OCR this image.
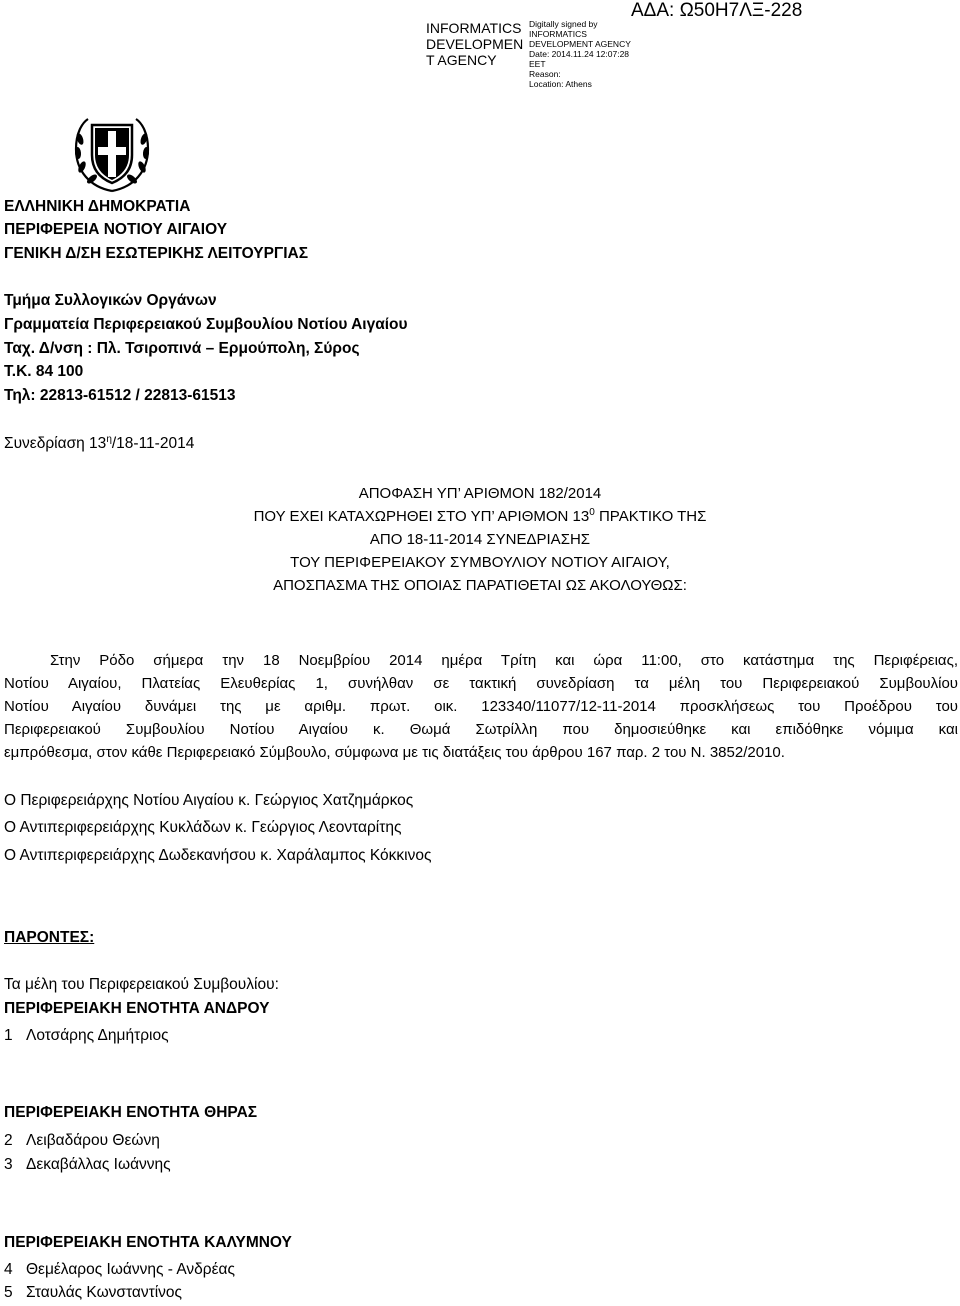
INFORMATICS
DEVELOPMEN
T AGENCY
Digitally signed by
INFORMATICS
DEVELOPMENT AGENCY
Date: 2014.11.24 12:07:28
EET
Reason:
Location: Athens
ΑΔΑ: Ω50Η7ΛΞ-228
ΕΛΛΗΝΙΚΗ ΔΗΜΟΚΡΑΤΙΑ
ΠΕΡΙΦΕΡΕΙΑ ΝΟΤΙΟΥ ΑΙΓΑΙΟΥ
ΓΕΝΙΚΗ Δ/ΣΗ ΕΣΩΤΕΡΙΚΗΣ ΛΕΙΤΟΥΡΓΙΑΣ
Τμήμα Συλλογικών Οργάνων
Γραμματεία Περιφερειακού Συμβουλίου Νοτίου Αιγαίου
Ταχ. Δ/νση : Πλ. Τσιροπινά – Ερμούπολη, Σύρος
Τ.Κ. 84 100
Τηλ: 22813-61512 / 22813-61513
Συνεδρίαση $13^\eta/18-11-2014$
ΑΠΟΦΑΣΗ ΥΠ’ ΑΡΙΘΜΟΝ 182/2014
ΠΟΥ ΕΧΕΙ ΚΑΤΑΧΩΡΗΘΕΙ ΣΤΟ ΥΠ’ ΑΡΙΘΜΟΝ $13^0$ ΠΡΑΚΤΙΚΟ ΤΗΣ
ΑΠΟ 18-11-2014 ΣΥΝΕΔΡΙΑΣΗΣ
ΤΟΥ ΠΕΡΙΦΕΡΕΙΑΚΟΥ ΣΥΜΒΟΥΛΙΟΥ ΝΟΤΙΟΥ ΑΙΓΑΙΟΥ,
ΑΠΟΣΠΑΣΜΑ ΤΗΣ ΟΠΟΙΑΣ ΠΑΡΑΤΙΘΕΤΑΙ ΩΣ ΑΚΟΛΟΥΘΩΣ:
Στην Ρόδο σήμερα την 18 Νοεμβρίου 2014 ημέρα Τρίτη και ώρα 11:00, στο κατάστημα της Περιφέρειας,
Νοτίου Αιγαίου, Πλατείας Ελευθερίας 1, συνήλθαν σε τακτική συνεδρίαση τα μέλη του Περιφερειακού Συμβουλίου
Νοτίου Αιγαίου δυνάμει της με αριθμ. πρωτ. οικ. 123340/11077/12-11-2014 προσκλήσεως του Προέδρου του
Περιφερειακού Συμβουλίου Νοτίου Αιγαίου κ. Θωμά Σωτρίλλη που δημοσιεύθηκε και επιδόθηκε νόμιμα και
εμπρόθεσμα, στον κάθε Περιφερειακό Σύμβουλο, σύμφωνα με τις διατάξεις του άρθρου 167 παρ. 2 του Ν. 3852/2010.
Ο Περιφερειάρχης Νοτίου Αιγαίου κ. Γεώργιος Χατζημάρκος
Ο Αντιπεριφερειάρχης Κυκλάδων κ. Γεώργιος Λεονταρίτης
Ο Αντιπεριφερειάρχης Δωδεκανήσου κ. Χαράλαμπος Κόκκινος
ΠΑΡΟΝΤΕΣ:
Τα μέλη του Περιφερειακού Συμβουλίου:
ΠΕΡΙΦΕΡΕΙΑΚΗ ΕΝΟΤΗΤΑ ΑΝΔΡΟΥ
1 Λοτσάρης Δημήτριος
ΠΕΡΙΦΕΡΕΙΑΚΗ ΕΝΟΤΗΤΑ ΘΗΡΑΣ
2 Λειβαδάρου Θεώνη
3 Δεκαβάλλας Ιωάννης
ΠΕΡΙΦΕΡΕΙΑΚΗ ΕΝΟΤΗΤΑ ΚΑΛΥΜΝΟΥ
4 Θεμέλαρος Ιωάννης - Ανδρέας
5 Σταυλάς Κωνσταντίνος
